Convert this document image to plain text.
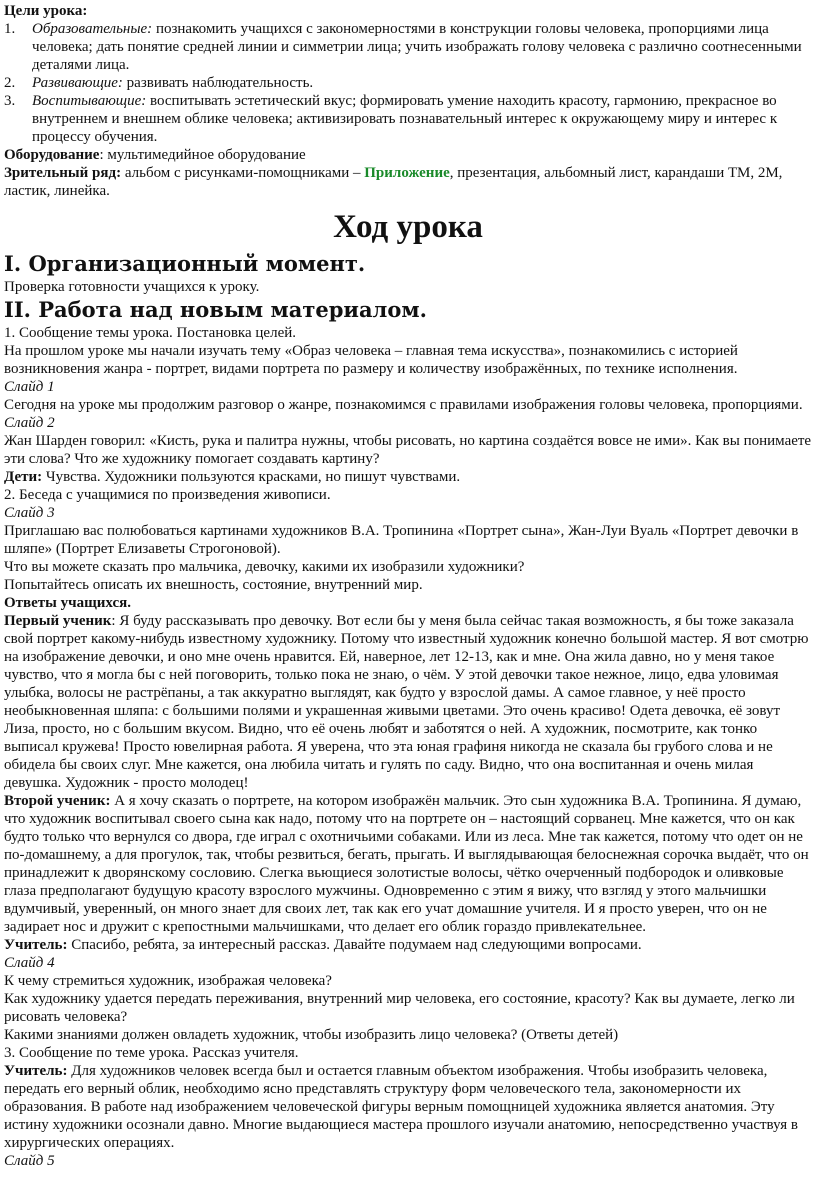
Цели урока:

1. Образовательные: познакомить учащихся с закономерностями в конструкции головы человека, пропорциями лица человека; дать понятие средней линии и симметрии лица; учить изображать голову человека с различно соотнесенными деталями лица.
2. Развивающие: развивать наблюдательность.
3. Воспитывающие: воспитывать эстетический вкус; формировать умение находить красоту, гармонию, прекрасное во внутреннем и внешнем облике человека; активизировать познавательный интерес к окружающему миру и интерес к процессу обучения.

Оборудование: мультимедийное оборудование

Зрительный ряд: альбом с рисунками-помощниками – Приложение, презентация, альбомный лист, карандаши ТМ, 2М, ластик, линейка.

Ход урока

I. Организационный момент.

Проверка готовности учащихся к уроку.

II. Работа над новым материалом.

1. Сообщение темы урока. Постановка целей.

На прошлом уроке мы начали изучать тему «Образ человека – главная тема искусства», познакомились с историей возникновения жанра - портрет, видами портрета по размеру и количеству изображённых, по технике исполнения.

Слайд 1

Сегодня на уроке мы продолжим разговор о жанре, познакомимся с правилами изображения головы человека, пропорциями.

Слайд 2

Жан Шарден говорил: «Кисть, рука и палитра нужны, чтобы рисовать, но картина создаётся вовсе не ими». Как вы понимаете эти слова? Что же художнику помогает создавать картину?

Дети: Чувства. Художники пользуются красками, но пишут чувствами.

2. Беседа с учащимися по произведения живописи.

Слайд 3

Приглашаю вас полюбоваться картинами художников В.А. Тропинина «Портрет сына», Жан-Луи Вуаль «Портрет девочки в шляпе» (Портрет Елизаветы Строгоновой).

Что вы можете сказать про мальчика, девочку, какими их изобразили художники?

Попытайтесь описать их внешность, состояние, внутренний мир.

Ответы учащихся.

Первый ученик: Я буду рассказывать про девочку. Вот если бы у меня была сейчас такая возможность, я бы тоже заказала свой портрет какому-нибудь известному художнику. Потому что известный художник конечно большой мастер. Я вот смотрю на изображение девочки, и оно мне очень нравится. Ей, наверное, лет 12-13, как и мне. Она жила давно, но у меня такое чувство, что я могла бы с ней поговорить, только пока не знаю, о чём. У этой девочки такое нежное, лицо, едва уловимая улыбка, волосы не растрёпаны, а так аккуратно выглядят, как будто у взрослой дамы. А самое главное, у неё просто необыкновенная шляпа: с большими полями и украшенная живыми цветами. Это очень красиво! Одета девочка, её зовут Лиза, просто, но с большим вкусом. Видно, что её очень любят и заботятся о ней. А художник, посмотрите, как тонко выписал кружева! Просто ювелирная работа. Я уверена, что эта юная графиня никогда не сказала бы грубого слова и не обидела бы своих слуг. Мне кажется, она любила читать и гулять по саду. Видно, что она воспитанная и очень милая девушка. Художник - просто молодец!

Второй ученик: А я хочу сказать о портрете, на котором изображён мальчик. Это сын художника В.А. Тропинина. Я думаю, что художник воспитывал своего сына как надо, потому что на портрете он – настоящий сорванец. Мне кажется, что он как будто только что вернулся со двора, где играл с охотничьими собаками. Или из леса. Мне так кажется, потому что одет он не по-домашнему, а для прогулок, так, чтобы резвиться, бегать, прыгать. И выглядывающая белоснежная сорочка выдаёт, что он принадлежит к дворянскому сословию. Слегка вьющиеся золотистые волосы, чётко очерченный подбородок и оливковые глаза предполагают будущую красоту взрослого мужчины. Одновременно с этим я вижу, что взгляд у этого мальчишки вдумчивый, уверенный, он много знает для своих лет, так как его учат домашние учителя. И я просто уверен, что он не задирает нос и дружит с крепостными мальчишками, что делает его облик гораздо привлекательнее.

Учитель: Спасибо, ребята, за интересный рассказ. Давайте подумаем над следующими вопросами.

Слайд 4

К чему стремиться художник, изображая человека?

Как художнику удается передать переживания, внутренний мир человека, его состояние, красоту? Как вы думаете, легко ли рисовать человека?

Какими знаниями должен овладеть художник, чтобы изобразить лицо человека? (Ответы детей)

3. Сообщение по теме урока. Рассказ учителя.

Учитель: Для художников человек всегда был и остается главным объектом изображения. Чтобы изобразить человека, передать его верный облик, необходимо ясно представлять структуру форм человеческого тела, закономерности их образования. В работе над изображением человеческой фигуры верным помощницей художника является анатомия. Эту истину художники осознали давно. Многие выдающиеся мастера прошлого изучали анатомию, непосредственно участвуя в хирургических операциях.

Слайд 5
